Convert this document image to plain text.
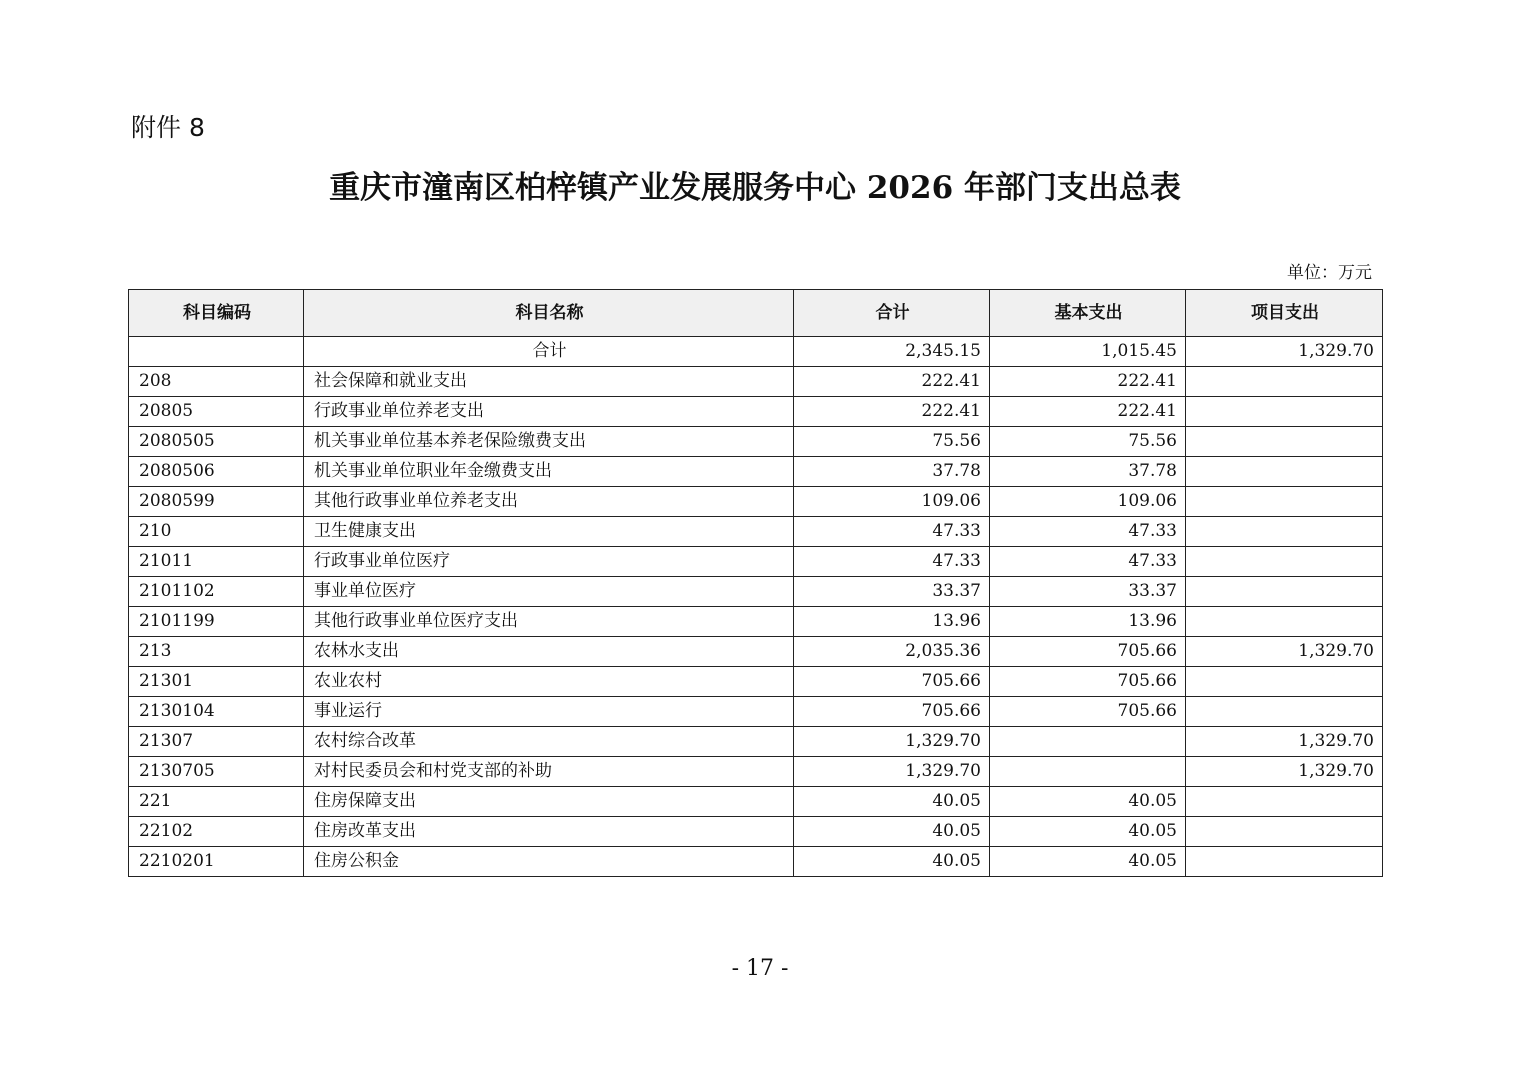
附件 8
重庆市潼南区柏梓镇产业发展服务中心 2026 年部门支出总表
单位：万元
科目编码	科目名称	合计	基本支出	项目支出
	合计	2,345.15	1,015.45	1,329.70
208	社会保障和就业支出	222.41	222.41	
20805	行政事业单位养老支出	222.41	222.41	
2080505	机关事业单位基本养老保险缴费支出	75.56	75.56	
2080506	机关事业单位职业年金缴费支出	37.78	37.78	
2080599	其他行政事业单位养老支出	109.06	109.06	
210	卫生健康支出	47.33	47.33	
21011	行政事业单位医疗	47.33	47.33	
2101102	事业单位医疗	33.37	33.37	
2101199	其他行政事业单位医疗支出	13.96	13.96	
213	农林水支出	2,035.36	705.66	1,329.70
21301	农业农村	705.66	705.66	
2130104	事业运行	705.66	705.66	
21307	农村综合改革	1,329.70		1,329.70
2130705	对村民委员会和村党支部的补助	1,329.70		1,329.70
221	住房保障支出	40.05	40.05	
22102	住房改革支出	40.05	40.05	
2210201	住房公积金	40.05	40.05	
- 17 -
